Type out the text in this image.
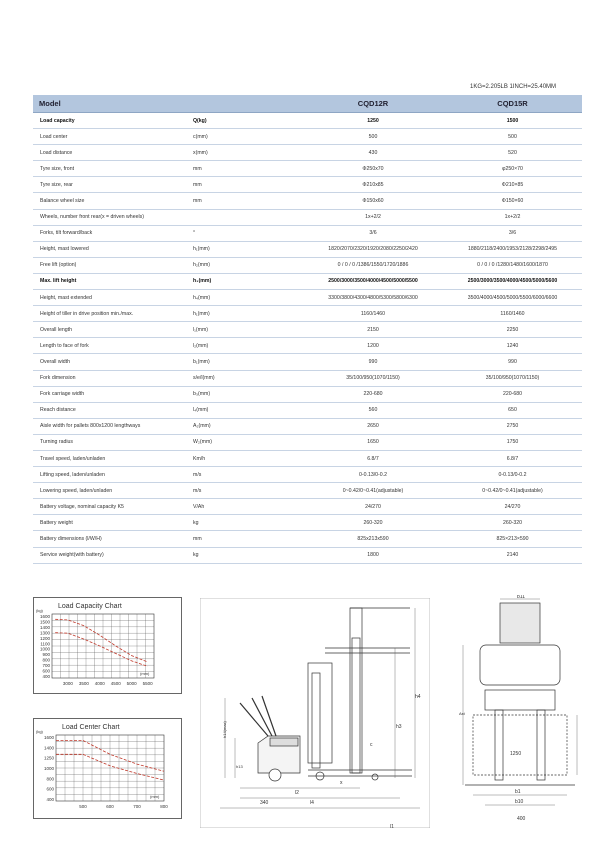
1KG=2.205LB 1INCH=25.40MM
Model		CQD12R	CQD15R
Load capacity	Q(kg)	1250	1500
Load center	c(mm)	500	500
Load distance	x(mm)	430	520
Tyre size, front	mm	Φ250x70	φ250×70
Tyre size, rear	mm	Φ210x85	Φ210×85
Balance wheel size	mm	Φ150x60	Φ150×60
Wheels, number front rear(x = driven wheels)		1x+2/2	1x+2/2
Forks, tilt forward/back	°	3/6	3/6
Height, mast lowered	h₁(mm)	1820/2070/2320/1920/2080/2250/2420	1880/2118/2400/1953/2128/2298/2495
Free lift (option)	h₂(mm)	0 / 0 / 0 /1386/1550/1720/1886	0 / 0 / 0 /1280/1480/1600/1870
Max. lift height	h₃(mm)	2500/3000/3500/4000/4500/5000/5500	2500/3000/3500/4000/4500/5000/5600
Height, mast extended	h₄(mm)	3300/3800/4300/4800/5300/5800/6300	3500/4000/4500/5000/5500/6000/6600
Height of tiller in drive position min./max.	h₁(mm)	1160/1460	1160/1460
Overall length	l₁(mm)	2150	2250
Length to face of fork	l₂(mm)	1200	1240
Overall width	b₁(mm)	990	990
Fork dimension	s/e/l(mm)	35/100/950(1070/1150)	35/100/950(1070/1150)
Fork carriage width	b₃(mm)	220-680	220-680
Reach distance	l₄(mm)	560	650
Aisle width for pallets 800x1200 lengthways	A₂(mm)	2650	2750
Turning radius	W₂(mm)	1650	1750
Travel speed, laden/unladen	Km/h	6.8/7	6.8/7
Lifting speed, laden/unladen	m/s	0-0.13/0-0.2	0-0.13/0-0.2
Lowering speed, laden/unladen	m/s	0~0.42/0~0.41(adjustable)	0~0.42/0~0.41(adjustable)
Battery voltage, nominal capacity K5	V/Ah	24/270	24/270
Battery weight	kg	260-320	260-320
Battery dimensions (l/W/H)	mm	825x213x590	825×213×590
Service weight(with battery)	kg	1800	2140
Load Capacity Chart
(kg)
1600
1500
1400
1300
1200
1100
1000
900
800
700
600
400
3000 3500 4000 4500 5000 5500
(mm)
Load Center Chart
(kg)
1600
1400
1250
1000
800
600
400
500	600	700	800
(mm)
l1
h4
h3
h14(max)
h13
c
x
l2
l4
340
b11
b1
b10
Ast
1250
400
